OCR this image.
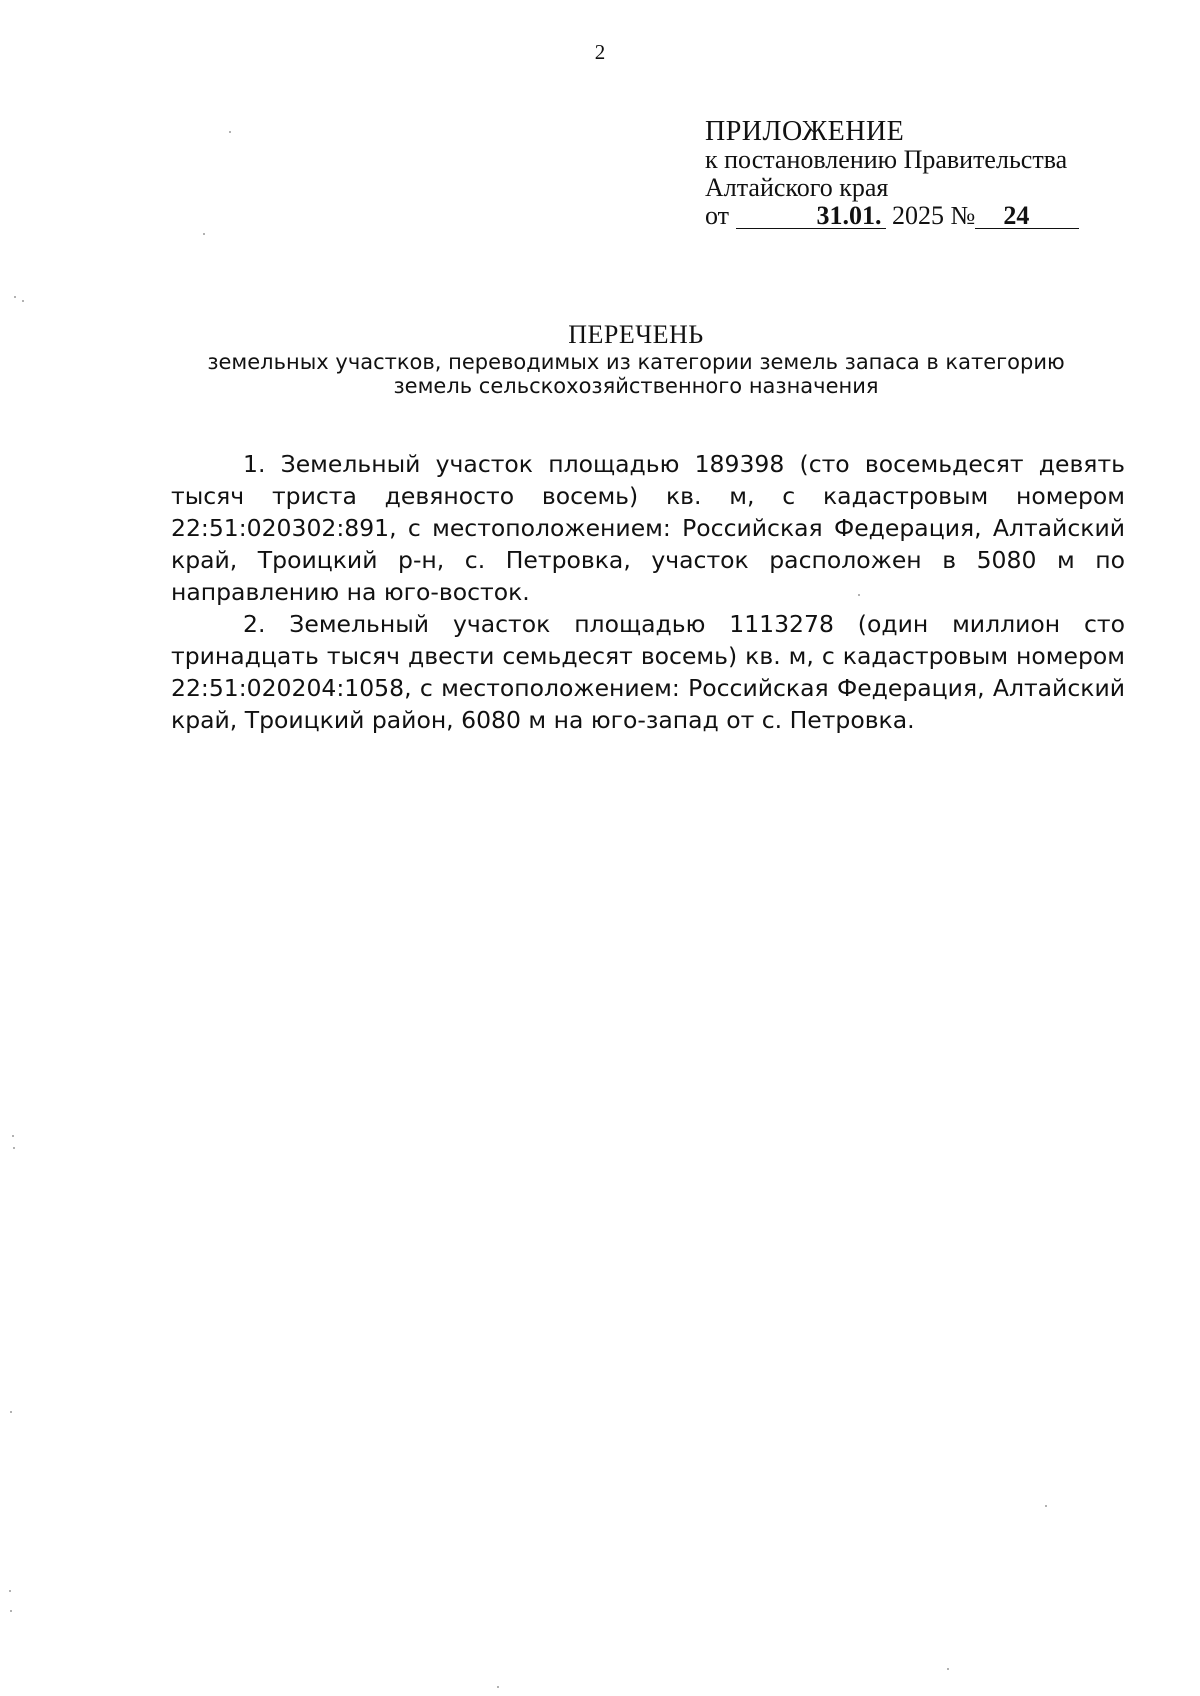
2
ПРИЛОЖЕНИЕ
к постановлению Правительства
Алтайского края
от	31.01. 2025 № 24
ПЕРЕЧЕНЬ
земельных участков, переводимых из категории земель запаса в категорию
земель сельскохозяйственного назначения

1. Земельный участок площадью 189398 (сто восемьдесят девять тысяч триста девяносто восемь) кв. м, с кадастровым номером 22:51:020302:891, с местоположением: Российская Федерация, Алтайский край, Троицкий р-н, с. Петровка, участок расположен в 5080 м по направлению на юго-восток.

2. Земельный участок площадью 1113278 (один миллион сто тринадцать тысяч двести семьдесят восемь) кв. м, с кадастровым номером 22:51:020204:1058, с местоположением: Российская Федерация, Алтайский край, Троицкий район, 6080 м на юго-запад от с. Петровка.
